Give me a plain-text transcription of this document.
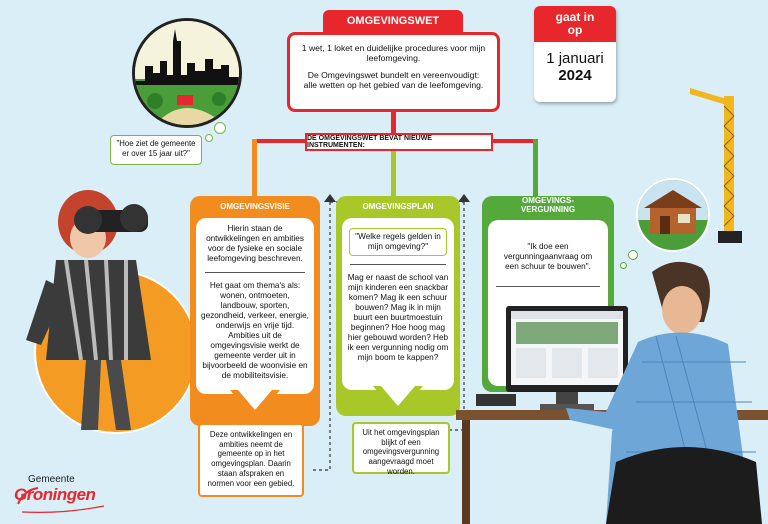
OMGEVINGSWET

1 wet, 1 loket en duidelijke procedures voor mijn leefomgeving.

De Omgevingswet bundelt en vereenvoudigt: alle wetten op het gebied van de leefomgeving.

DE OMGEVINGSWET BEVAT NIEUWE INSTRUMENTEN:
gaat in op
1 januari
2024
"Hoe ziet de gemeente er over 15 jaar uit?"
OMGEVINGSVISIE
Hierin staan de ontwikkelingen en ambities voor de fysieke en sociale leefomgeving beschreven.
Het gaat om thema's als: wonen, ontmoeten, landbouw, sporten, gezondheid, verkeer, energie, onderwijs en vrije tijd. Ambities uit de omgevingsvisie werkt de gemeente verder uit in bijvoorbeeld de woonvisie en de mobiliteitsvisie.
Deze ontwikkelingen en ambities neemt de gemeente op in het omgevingsplan. Daarin staan afspraken en normen voor een gebied.
OMGEVINGSPLAN
"Welke regels gelden in mijn omgeving?"
Mag er naast de school van mijn kinderen een snackbar komen? Mag ik een schuur bouwen? Mag ik in mijn buurt een buurtmoestuin beginnen? Hoe hoog mag hier gebouwd worden? Heb ik een vergunning nodig om mijn boom te kappen?
Uit het omgevingsplan blijkt of een omgevingsvergunning aangevraagd moet worden.
OMGEVINGS-
VERGUNNING
"Ik doe een vergunningaanvraag om een schuur te bouwen".
Gemeente
Groningen
